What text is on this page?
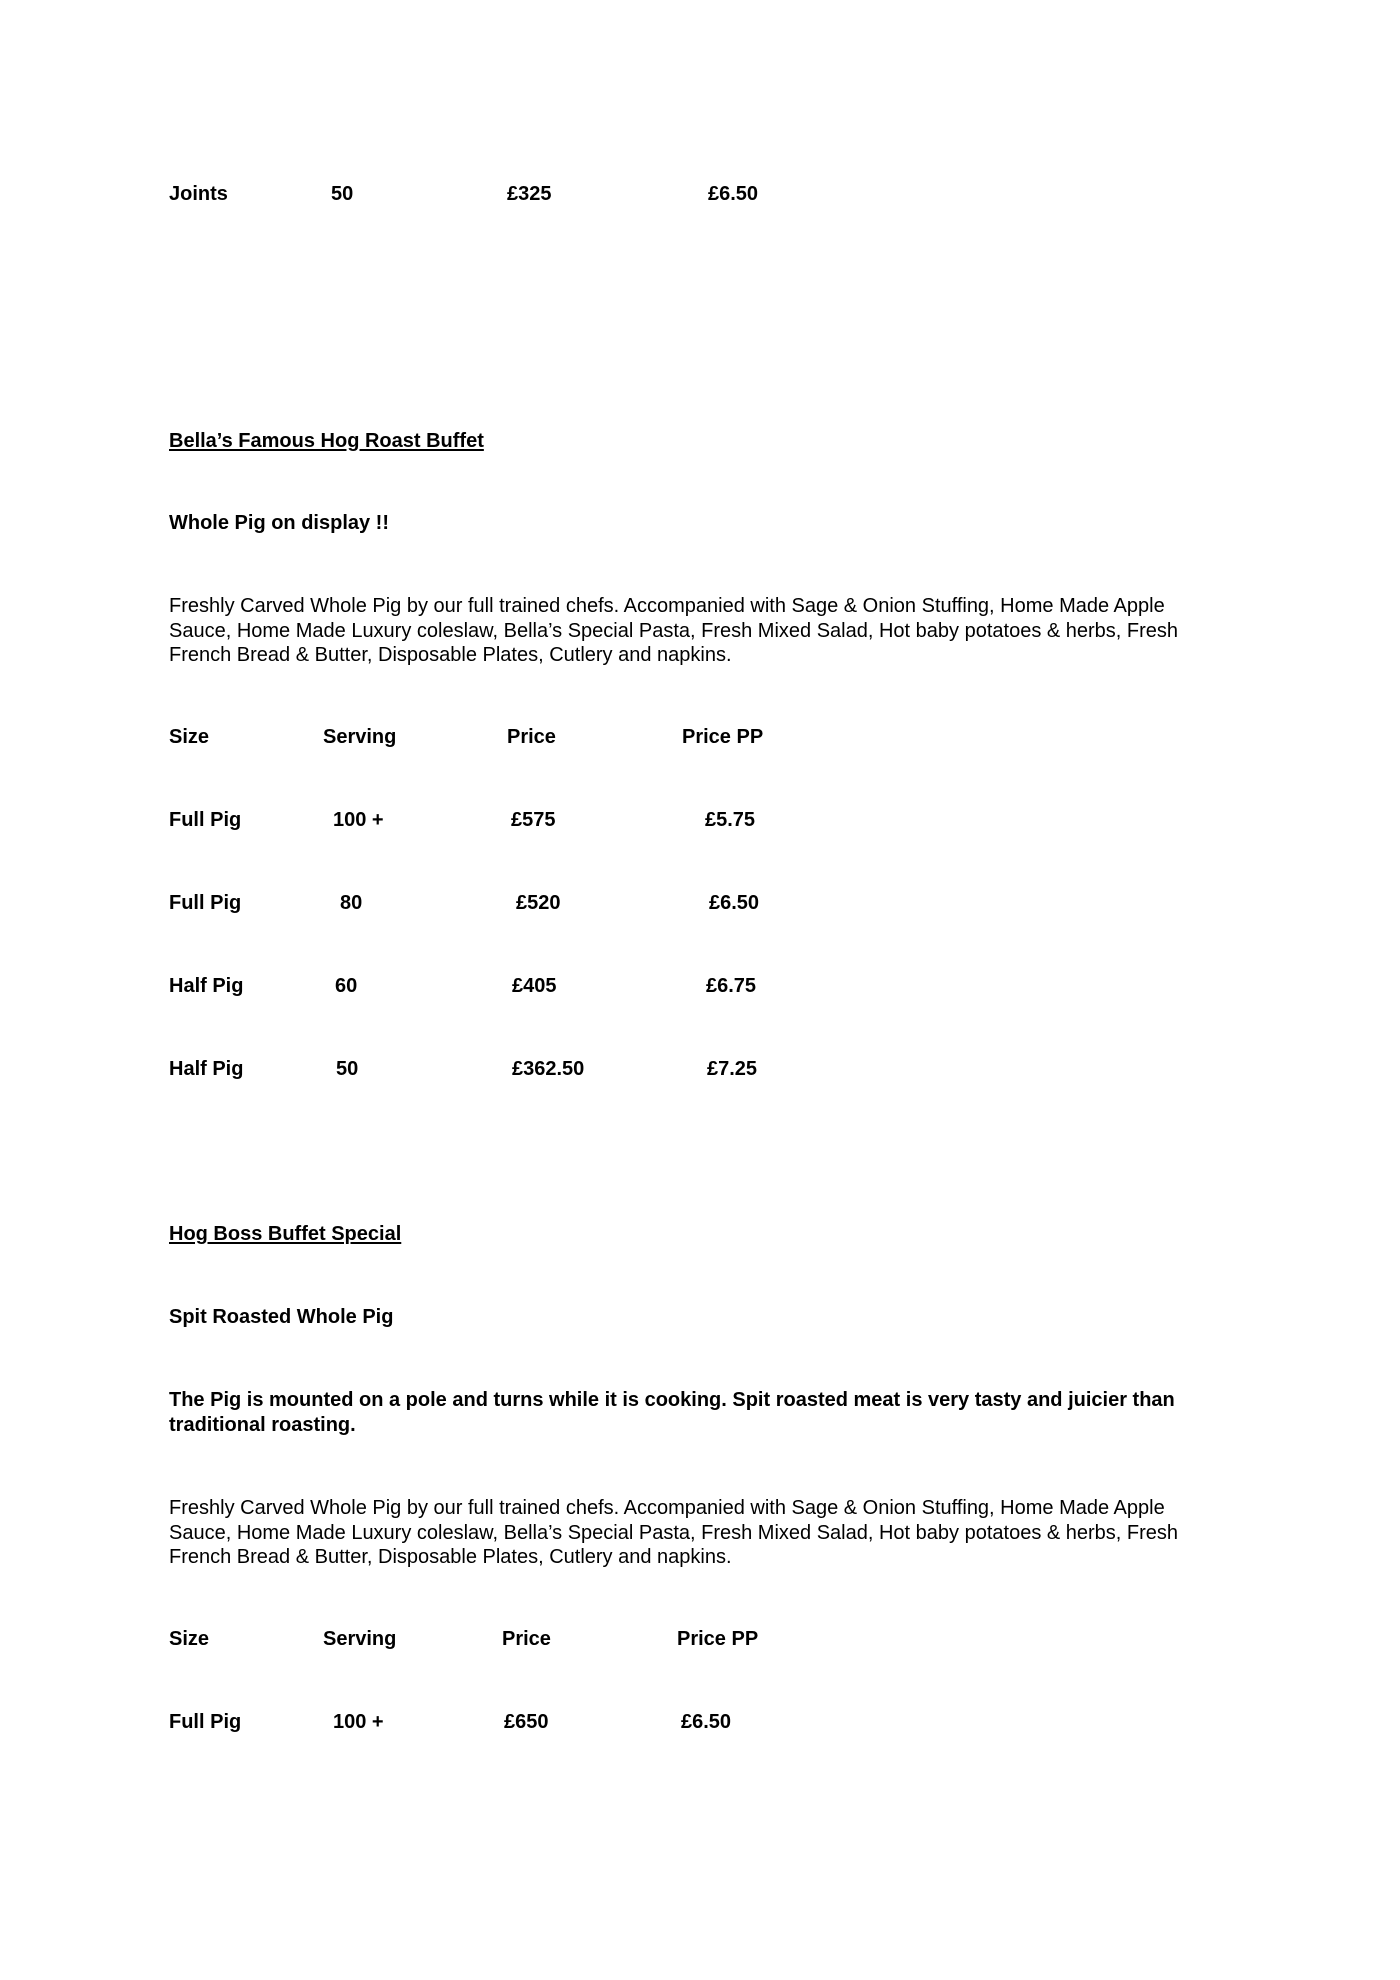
Joints	50	£325	£6.50

Bella’s Famous Hog Roast Buffet

Whole Pig on display !!

Freshly Carved Whole Pig by our full trained chefs. Accompanied with Sage & Onion Stuffing, Home Made Apple Sauce, Home Made Luxury coleslaw, Bella’s Special Pasta, Fresh Mixed Salad, Hot baby potatoes & herbs, Fresh French Bread & Butter, Disposable Plates, Cutlery and napkins.

Size	Serving	Price	Price PP
Full Pig	100 +	£575	£5.75
Full Pig	80	£520	£6.50
Half Pig	60	£405	£6.75
Half Pig	50	£362.50	£7.25

Hog Boss Buffet Special

Spit Roasted Whole Pig

The Pig is mounted on a pole and turns while it is cooking. Spit roasted meat is very tasty and juicier than traditional roasting.

Freshly Carved Whole Pig by our full trained chefs. Accompanied with Sage & Onion Stuffing, Home Made Apple Sauce, Home Made Luxury coleslaw, Bella’s Special Pasta, Fresh Mixed Salad, Hot baby potatoes & herbs, Fresh French Bread & Butter, Disposable Plates, Cutlery and napkins.

Size	Serving	Price	Price PP
Full Pig	100 +	£650	£6.50
